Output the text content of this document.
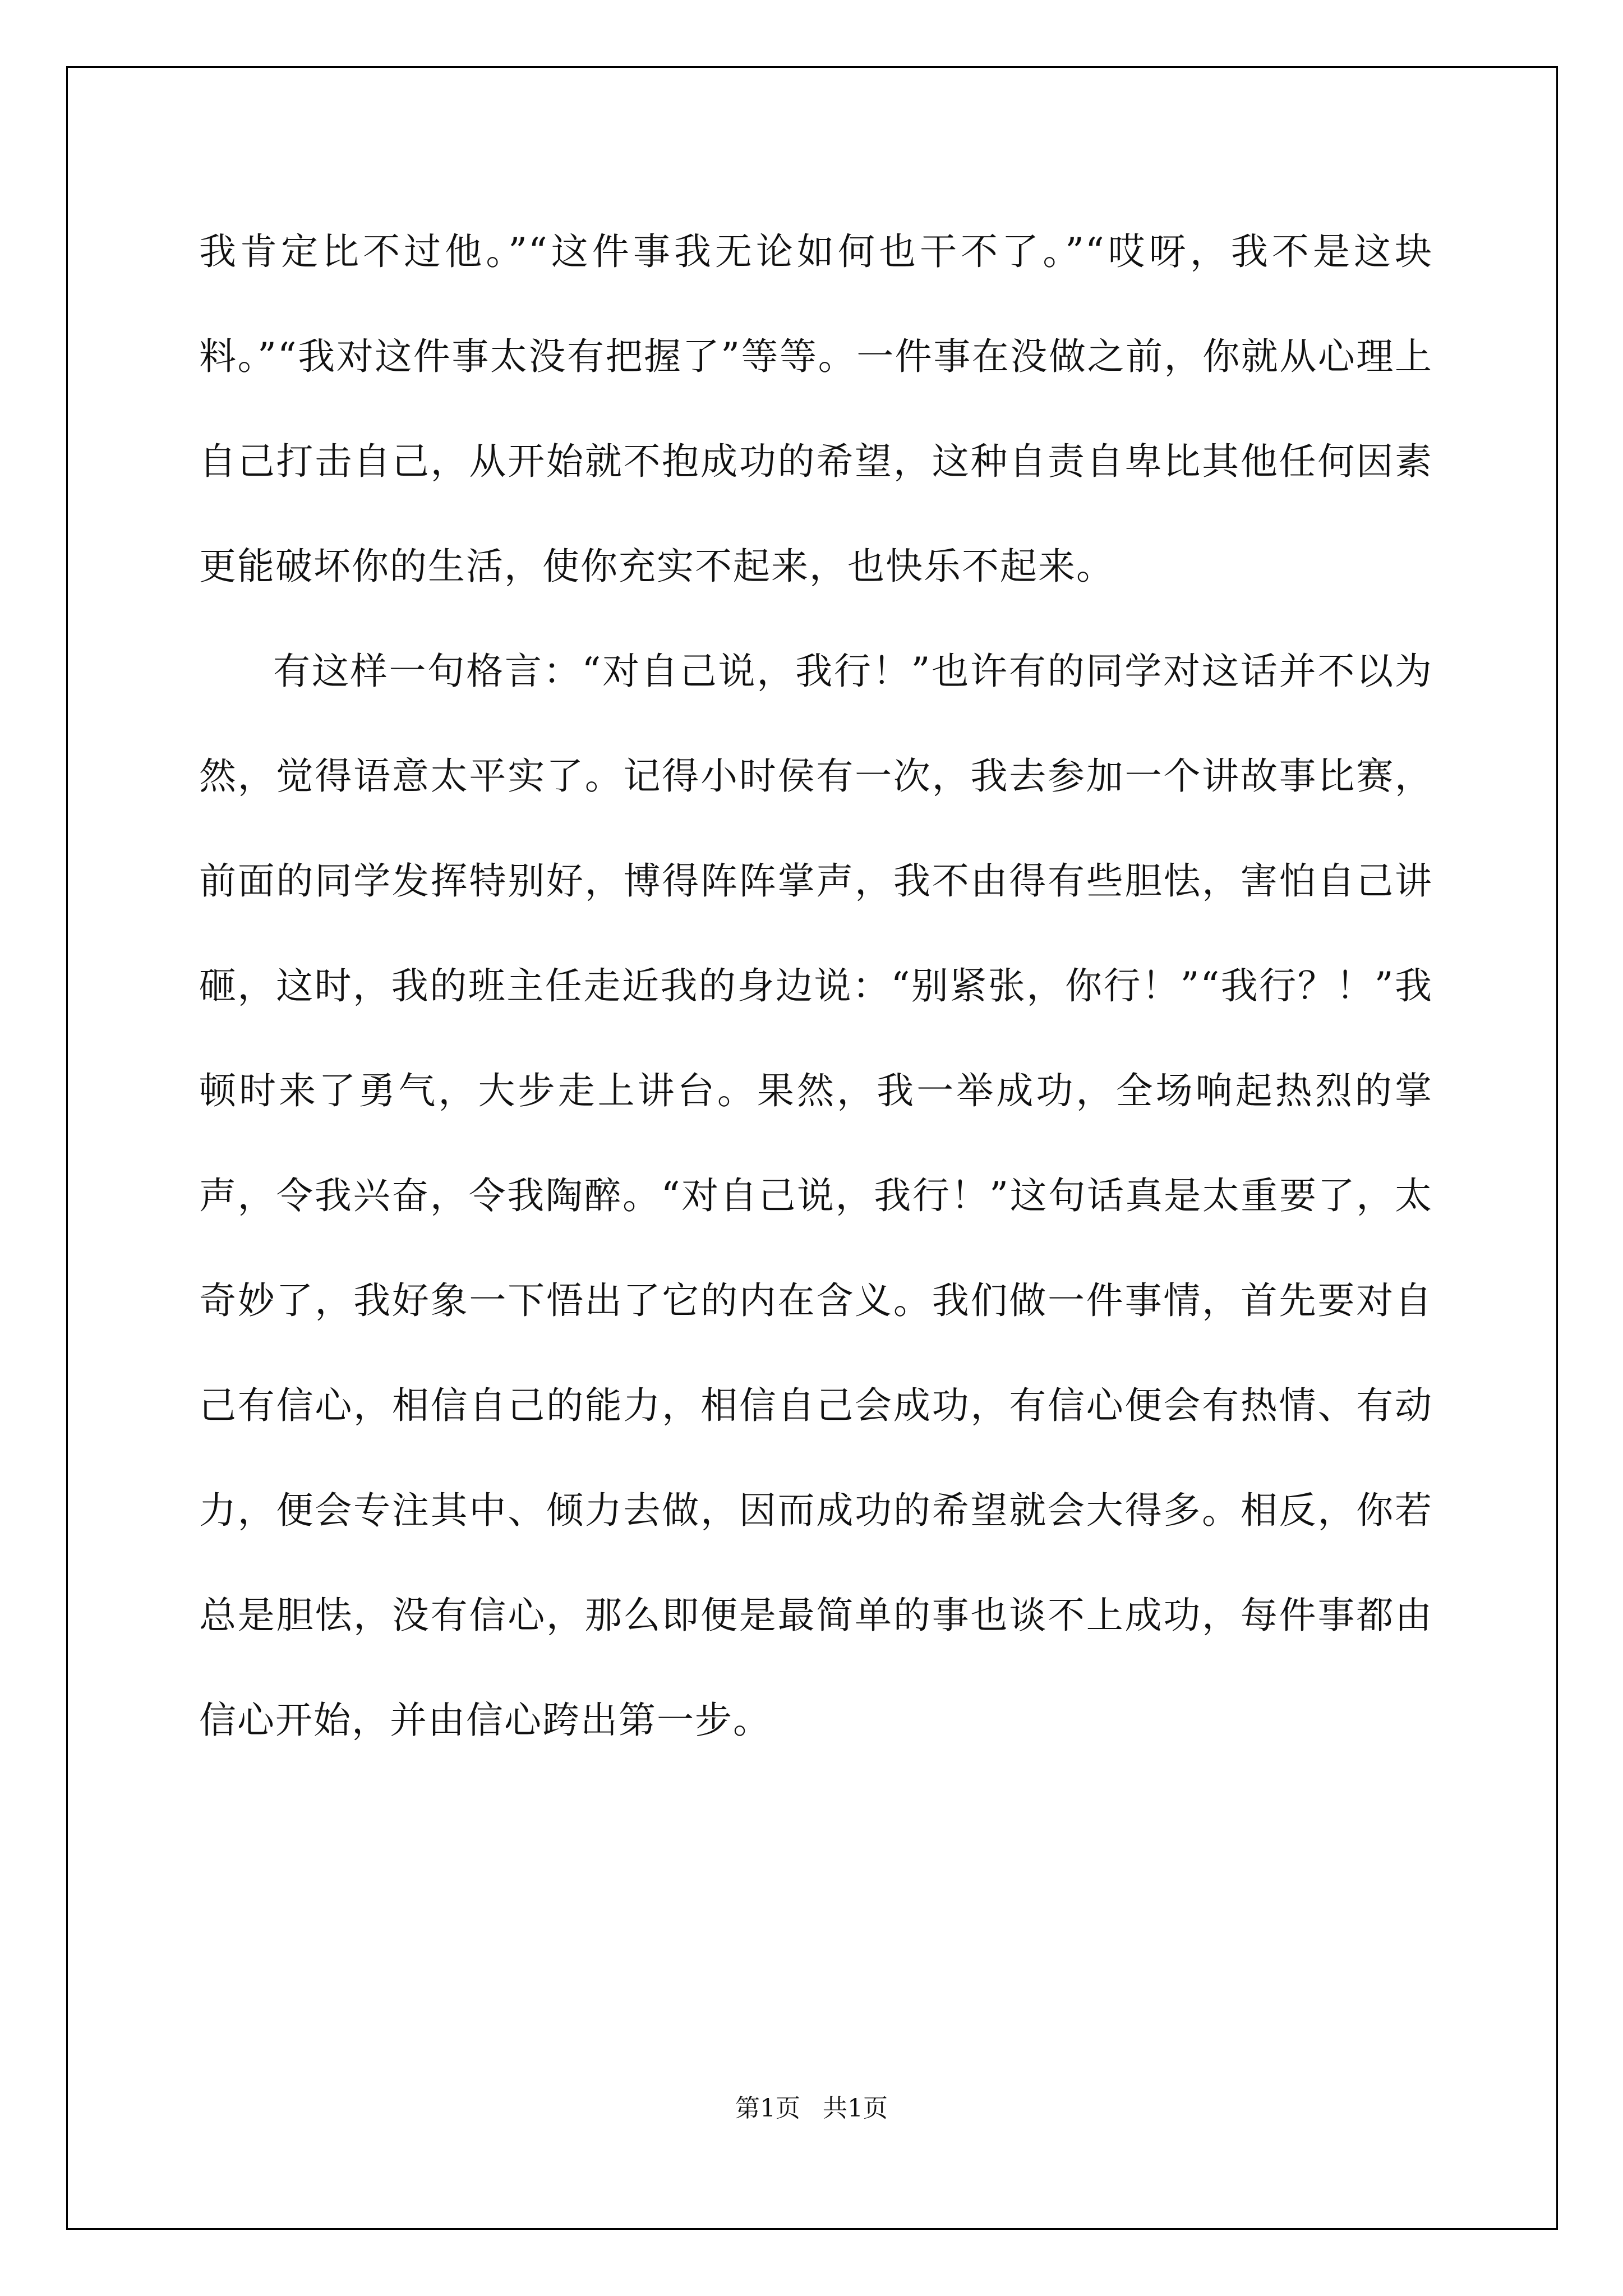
我肯定比不过他。”“这件事我无论如何也干不了。”“哎呀，我不是这块料。”“我对这件事太没有把握了”等等。一件事在没做之前，你就从心理上自己打击自己，从开始就不抱成功的希望，这种自责自卑比其他任何因素更能破坏你的生活，使你充实不起来，也快乐不起来。

有这样一句格言：“对自己说，我行！”也许有的同学对这话并不以为然，觉得语意太平实了。记得小时侯有一次，我去参加一个讲故事比赛，前面的同学发挥特别好，博得阵阵掌声，我不由得有些胆怯，害怕自己讲砸，这时，我的班主任走近我的身边说：“别紧张，你行！”“我行？！”我顿时来了勇气，大步走上讲台。果然，我一举成功，全场响起热烈的掌声，令我兴奋，令我陶醉。“对自己说，我行！”这句话真是太重要了，太奇妙了，我好象一下悟出了它的内在含义。我们做一件事情，首先要对自己有信心，相信自己的能力，相信自己会成功，有信心便会有热情、有动力，便会专注其中、倾力去做，因而成功的希望就会大得多。相反，你若总是胆怯，没有信心，那么即便是最简单的事也谈不上成功，每件事都由信心开始，并由信心跨出第一步。

第1页 共1页
